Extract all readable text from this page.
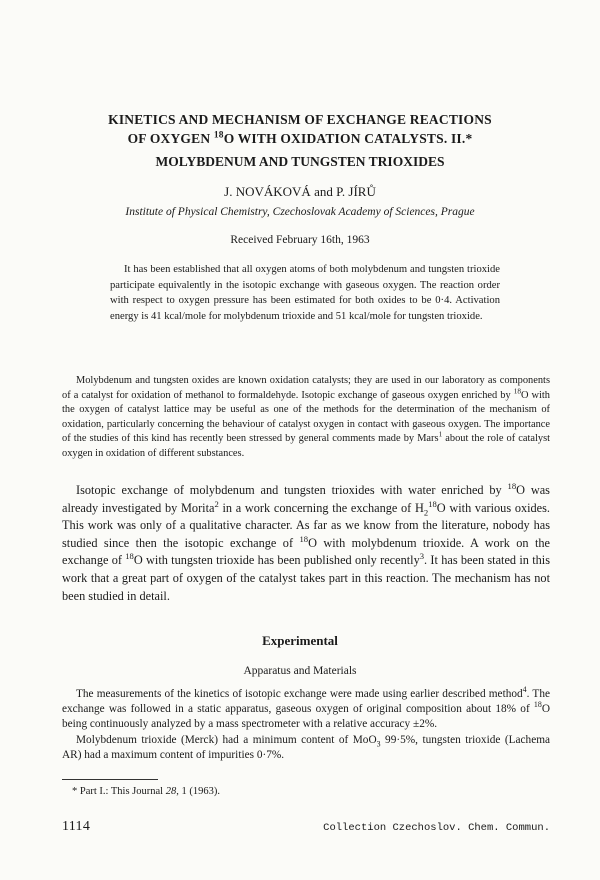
KINETICS AND MECHANISM OF EXCHANGE REACTIONS
OF OXYGEN $^{18}$O WITH OXIDATION CATALYSTS. II.*
MOLYBDENUM AND TUNGSTEN TRIOXIDES
J. NOVÁKOVÁ and P. JÍRŮ
Institute of Physical Chemistry, Czechoslovak Academy of Sciences, Prague
Received February 16th, 1963
It has been established that all oxygen atoms of both molybdenum and tungsten trioxide participate equivalently in the isotopic exchange with gaseous oxygen. The reaction order with respect to oxygen pressure has been estimated for both oxides to be 0·4. Activation energy is 41 kcal/mole for molybdenum trioxide and 51 kcal/mole for tungsten trioxide.
Molybdenum and tungsten oxides are known oxidation catalysts; they are used in our laboratory as components of a catalyst for oxidation of methanol to formaldehyde. Isotopic exchange of gaseous oxygen enriched by $^{18}$O with the oxygen of catalyst lattice may be useful as one of the methods for the determination of the mechanism of oxidation, particularly concerning the behaviour of catalyst oxygen in contact with gaseous oxygen. The importance of the studies of this kind has recently been stressed by general comments made by Mars$^1$ about the role of catalyst oxygen in oxidation of different substances.
Isotopic exchange of molybdenum and tungsten trioxides with water enriched by $^{18}$O was already investigated by Morita$^2$ in a work concerning the exchange of $H_2^{18}O$ with various oxides. This work was only of a qualitative character. As far as we know from the literature, nobody has studied since then the isotopic exchange of $^{18}$O with molybdenum trioxide. A work on the exchange of $^{18}$O with tungsten trioxide has been published only recently$^3$. It has been stated in this work that a great part of oxygen of the catalyst takes part in this reaction. The mechanism has not been studied in detail.
Experimental
Apparatus and Materials

The measurements of the kinetics of isotopic exchange were made using earlier described method$^4$. The exchange was followed in a static apparatus, gaseous oxygen of original composition about 18% of $^{18}$O being continuously analyzed by a mass spectrometer with a relative accuracy ±2%.

Molybdenum trioxide (Merck) had a minimum content of MoO$_3$ 99·5%, tungsten trioxide (Lachema AR) had a maximum content of impurities 0·7%.

* Part I.: This Journal 28, 1 (1963).
1114	Collection Czechoslov. Chem. Commun.
